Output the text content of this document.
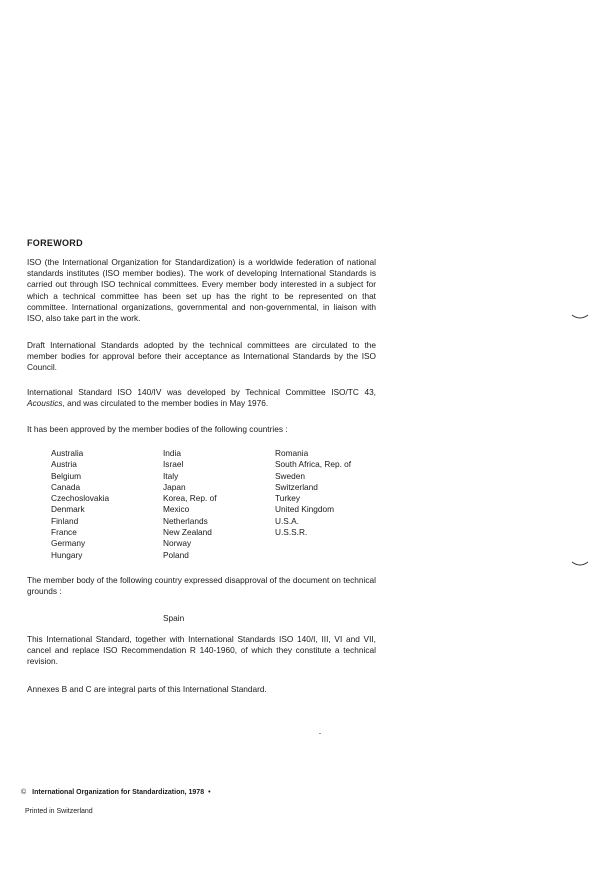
FOREWORD

ISO (the International Organization for Standardization) is a worldwide federation of national standards institutes (ISO member bodies). The work of developing International Standards is carried out through ISO technical committees. Every member body interested in a subject for which a technical committee has been set up has the right to be represented on that committee. International organizations, governmental and non-governmental, in liaison with ISO, also take part in the work.

Draft International Standards adopted by the technical committees are circulated to the member bodies for approval before their acceptance as International Standards by the ISO Council.

International Standard ISO 140/IV was developed by Technical Committee ISO/TC 43, Acoustics, and was circulated to the member bodies in May 1976.

It has been approved by the member bodies of the following countries :

Australia
Austria
Belgium
Canada
Czechoslovakia
Denmark
Finland
France
Germany
Hungary
India
Israel
Italy
Japan
Korea, Rep. of
Mexico
Netherlands
New Zealand
Norway
Poland
Romania
South Africa, Rep. of
Sweden
Switzerland
Turkey
United Kingdom
U.S.A.
U.S.S.R.

The member body of the following country expressed disapproval of the document on technical grounds :

Spain

This International Standard, together with International Standards ISO 140/I, III, VI and VII, cancel and replace ISO Recommendation R 140-1960, of which they constitute a technical revision.

Annexes B and C are integral parts of this International Standard.

© International Organization for Standardization, 1978 •
Printed in Switzerland
